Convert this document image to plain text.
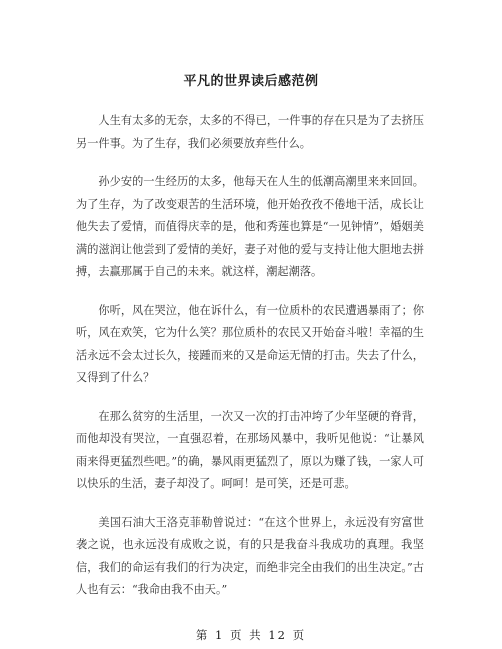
平凡的世界读后感范例

人生有太多的无奈，太多的不得已，一件事的存在只是为了去挤压另一件事。为了生存，我们必须要放弃些什么。

孙少安的一生经历的太多，他每天在人生的低潮高潮里来来回回。为了生存，为了改变艰苦的生活环境，他开始孜孜不倦地干活，成长让他失去了爱情，而值得庆幸的是，他和秀莲也算是“一见钟情”，婚姻美满的滋润让他尝到了爱情的美好，妻子对他的爱与支持让他大胆地去拼搏，去赢那属于自己的未来。就这样，潮起潮落。

你听，风在哭泣，他在诉什么，有一位质朴的农民遭遇暴雨了；你听，风在欢笑，它为什么笑？那位质朴的农民又开始奋斗啦！幸福的生活永远不会太过长久，接踵而来的又是命运无情的打击。失去了什么，又得到了什么？

在那么贫穷的生活里，一次又一次的打击冲垮了少年坚硬的脊背，而他却没有哭泣，一直强忍着，在那场风暴中，我听见他说：“让暴风雨来得更猛烈些吧。”的确，暴风雨更猛烈了，原以为赚了钱，一家人可以快乐的生活，妻子却没了。呵呵！是可笑，还是可悲。

美国石油大王洛克菲勒曾说过：“在这个世界上，永远没有穷富世袭之说，也永远没有成败之说，有的只是我奋斗我成功的真理。我坚信，我们的命运有我们的行为决定，而绝非完全由我们的出生决定。”古人也有云：“我命由我不由天。”

第 1 页 共 12 页
